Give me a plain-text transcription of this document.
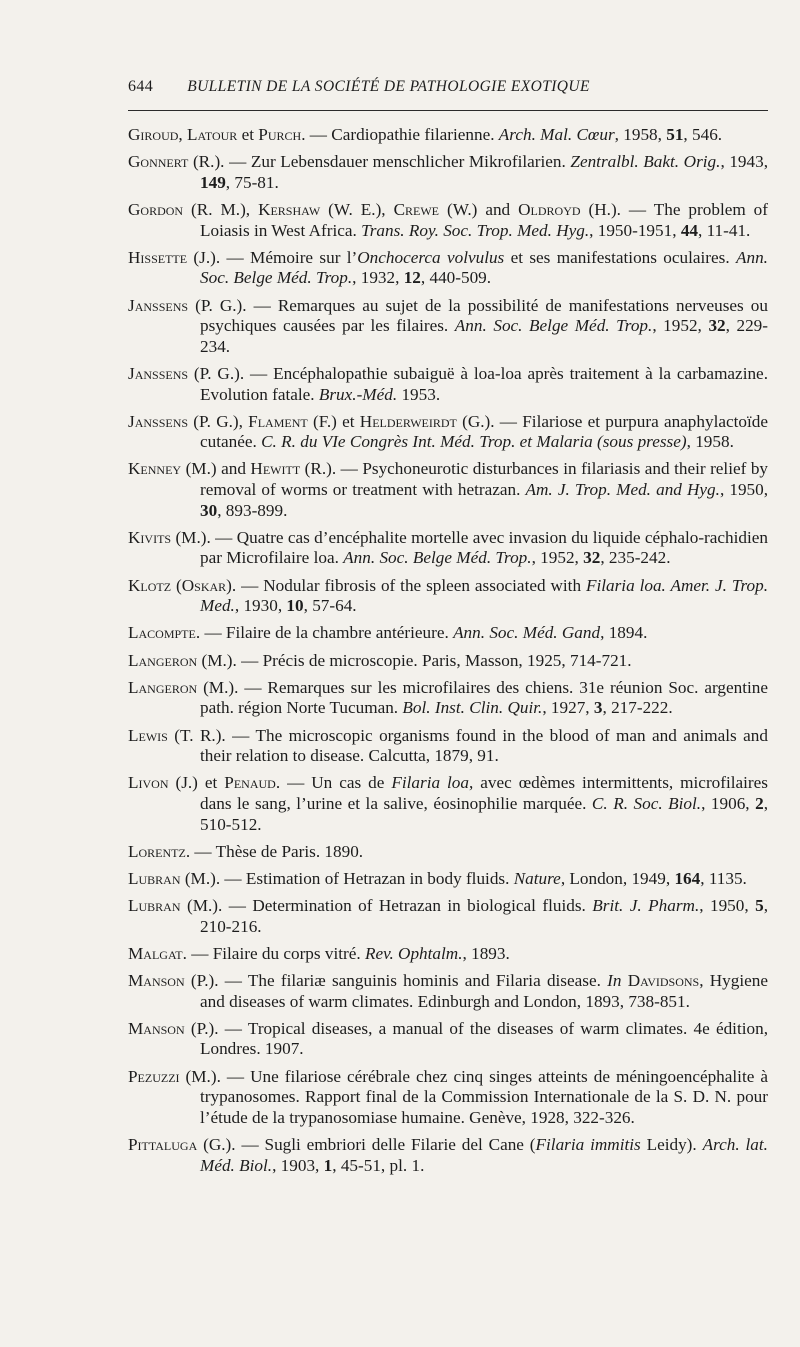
644 BULLETIN DE LA SOCIÉTÉ DE PATHOLOGIE EXOTIQUE

Giroud, Latour et Purch. — Cardiopathie filarienne. Arch. Mal. Cœur, 1958, 51, 546.

Gonnert (R.). — Zur Lebensdauer menschlicher Mikrofilarien. Zentralbl. Bakt. Orig., 1943, 149, 75-81.

Gordon (R. M.), Kershaw (W. E.), Crewe (W.) and Oldroyd (H.). — The problem of Loiasis in West Africa. Trans. Roy. Soc. Trop. Med. Hyg., 1950-1951, 44, 11-41.

Hissette (J.). — Mémoire sur l’Onchocerca volvulus et ses manifestations oculaires. Ann. Soc. Belge Méd. Trop., 1932, 12, 440-509.

Janssens (P. G.). — Remarques au sujet de la possibilité de manifestations nerveuses ou psychiques causées par les filaires. Ann. Soc. Belge Méd. Trop., 1952, 32, 229-234.

Janssens (P. G.). — Encéphalopathie subaiguë à loa-loa après traitement à la carbamazine. Evolution fatale. Brux.-Méd. 1953.

Janssens (P. G.), Flament (F.) et Helderweirdt (G.). — Filariose et purpura anaphylactoïde cutanée. C. R. du VIe Congrès Int. Méd. Trop. et Malaria (sous presse), 1958.

Kenney (M.) and Hewitt (R.). — Psychoneurotic disturbances in filariasis and their relief by removal of worms or treatment with hetrazan. Am. J. Trop. Med. and Hyg., 1950, 30, 893-899.

Kivits (M.). — Quatre cas d’encéphalite mortelle avec invasion du liquide céphalo-rachidien par Microfilaire loa. Ann. Soc. Belge Méd. Trop., 1952, 32, 235-242.

Klotz (Oskar). — Nodular fibrosis of the spleen associated with Filaria loa. Amer. J. Trop. Med., 1930, 10, 57-64.

Lacompte. — Filaire de la chambre antérieure. Ann. Soc. Méd. Gand, 1894.

Langeron (M.). — Précis de microscopie. Paris, Masson, 1925, 714-721.

Langeron (M.). — Remarques sur les microfilaires des chiens. 31e réunion Soc. argentine path. région Norte Tucuman. Bol. Inst. Clin. Quir., 1927, 3, 217-222.

Lewis (T. R.). — The microscopic organisms found in the blood of man and animals and their relation to disease. Calcutta, 1879, 91.

Livon (J.) et Penaud. — Un cas de Filaria loa, avec œdèmes intermittents, microfilaires dans le sang, l’urine et la salive, éosinophilie marquée. C. R. Soc. Biol., 1906, 2, 510-512.

Lorentz. — Thèse de Paris. 1890.

Lubran (M.). — Estimation of Hetrazan in body fluids. Nature, London, 1949, 164, 1135.

Lubran (M.). — Determination of Hetrazan in biological fluids. Brit. J. Pharm., 1950, 5, 210-216.

Malgat. — Filaire du corps vitré. Rev. Ophtalm., 1893.

Manson (P.). — The filariæ sanguinis hominis and Filaria disease. In Davidsons, Hygiene and diseases of warm climates. Edinburgh and London, 1893, 738-851.

Manson (P.). — Tropical diseases, a manual of the diseases of warm climates. 4e édition, Londres. 1907.

Pezuzzi (M.). — Une filariose cérébrale chez cinq singes atteints de méningoencéphalite à trypanosomes. Rapport final de la Commission Internationale de la S. D. N. pour l’étude de la trypanosomiase humaine. Genève, 1928, 322-326.

Pittaluga (G.). — Sugli embriori delle Filarie del Cane (Filaria immitis Leidy). Arch. lat. Méd. Biol., 1903, 1, 45-51, pl. 1.
